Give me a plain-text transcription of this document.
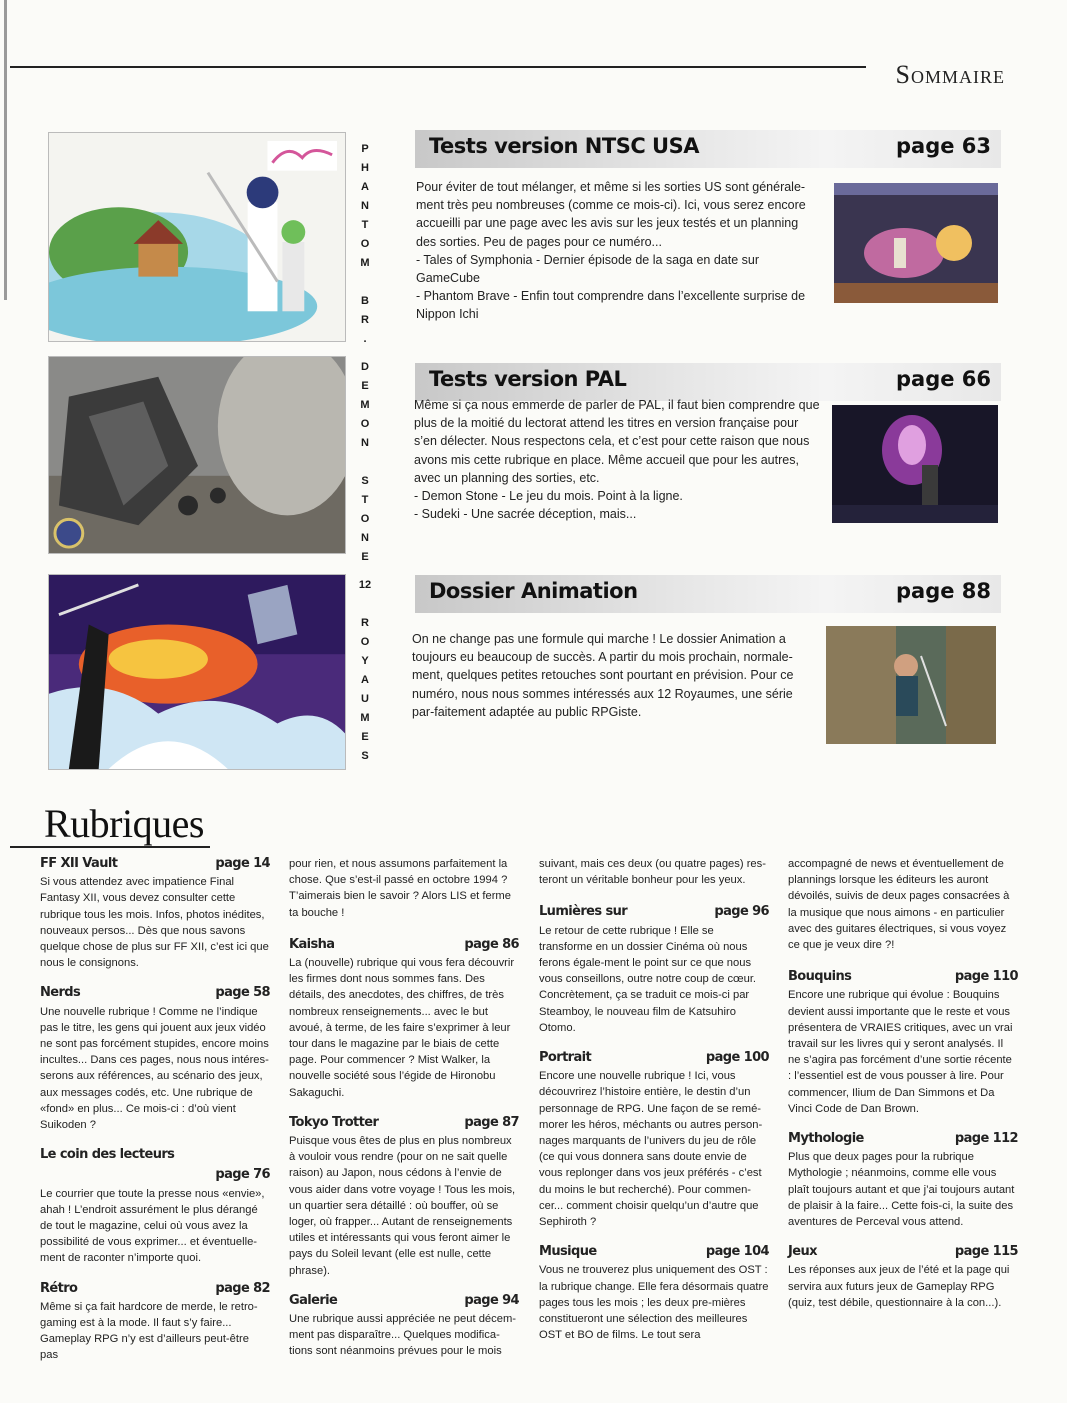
Sommaire
P
H
A
N
T
O
M

B
R
.
D
E
M
O
N

S
T
O
N
E
12

R
O
Y
A
U
M
E
S
Tests version NTSC USA	page 63

Pour éviter de tout mélanger, et même si les sorties US sont générale-ment très peu nombreuses (comme ce mois-ci). Ici, vous serez encore accueilli par une page avec les avis sur les jeux testés et un planning des sorties. Peu de pages pour ce numéro...

- Tales of Symphonia - Dernier épisode de la saga en date sur GameCube

- Phantom Brave - Enfin tout comprendre dans l’excellente surprise de Nippon Ichi

Tests version PAL	page 66

Même si ça nous emmerde de parler de PAL, il faut bien comprendre que plus de la moitié du lectorat attend les titres en version française pour s’en délecter. Nous respectons cela, et c’est pour cette raison que nous avons mis cette rubrique en place. Même accueil que pour les autres, avec un planning des sorties, etc.

- Demon Stone - Le jeu du mois. Point à la ligne.

- Sudeki - Une sacrée déception, mais...

Dossier Animation	page 88

On ne change pas une formule qui marche ! Le dossier Animation a toujours eu beaucoup de succès. A partir du mois prochain, normale-ment, quelques petites retouches sont pourtant en prévision. Pour ce numéro, nous nous sommes intéressés aux 12 Royaumes, une série par-faitement adaptée au public RPGiste.

Rubriques
FF XII Vault	page 14
Si vous attendez avec impatience Final Fantasy XII, vous devez consulter cette rubrique tous les mois. Infos, photos inédites, nouveaux persos... Dès que nous savons quelque chose de plus sur FF XII, c’est ici que nous le consignons.
Nerds	page 58
Une nouvelle rubrique ! Comme ne l’indique pas le titre, les gens qui jouent aux jeux vidéo ne sont pas forcément stupides, encore moins incultes... Dans ces pages, nous nous intéres-serons aux références, au scénario des jeux, aux messages codés, etc. Une rubrique de «fond» en plus... Ce mois-ci : d’où vient Suikoden ?
Le coin des lecteurs
page 76
Le courrier que toute la presse nous «envie», ahah ! L’endroit assurément le plus dérangé de tout le magazine, celui où vous avez la possibilité de vous exprimer... et éventuelle-ment de raconter n’importe quoi.
Rétro	page 82
Même si ça fait hardcore de merde, le retro-gaming est à la mode. Il faut s’y faire... Gameplay RPG n’y est d’ailleurs peut-être pas
pour rien, et nous assumons parfaitement la chose. Que s’est-il passé en octobre 1994 ? T’aimerais bien le savoir ? Alors LIS et ferme ta bouche !
Kaisha	page 86
La (nouvelle) rubrique qui vous fera découvrir les firmes dont nous sommes fans. Des détails, des anecdotes, des chiffres, de très nombreux renseignements... avec le but avoué, à terme, de les faire s’exprimer à leur tour dans le magazine par le biais de cette page. Pour commencer ? Mist Walker, la nouvelle société sous l’égide de Hironobu Sakaguchi.
Tokyo Trotter	page 87
Puisque vous êtes de plus en plus nombreux à vouloir vous rendre (pour on ne sait quelle raison) au Japon, nous cédons à l’envie de vous aider dans votre voyage ! Tous les mois, un quartier sera détaillé : où bouffer, où se loger, où frapper... Autant de renseignements utiles et intéressants qui vous feront aimer le pays du Soleil levant (elle est nulle, cette phrase).
Galerie	page 94
Une rubrique aussi appréciée ne peut décem-ment pas disparaître... Quelques modifica-tions sont néanmoins prévues pour le mois
suivant, mais ces deux (ou quatre pages) res-teront un véritable bonheur pour les yeux.
Lumières sur	page 96
Le retour de cette rubrique ! Elle se transforme en un dossier Cinéma où nous ferons égale-ment le point sur ce que nous vous conseillons, outre notre coup de cœur. Concrètement, ça se traduit ce mois-ci par Steamboy, le nouveau film de Katsuhiro Otomo.
Portrait	page 100
Encore une nouvelle rubrique ! Ici, vous découvrirez l’histoire entière, le destin d’un personnage de RPG. Une façon de se remé-morer les héros, méchants ou autres person-nages marquants de l’univers du jeu de rôle (ce qui vous donnera sans doute envie de vous replonger dans vos jeux préférés - c’est du moins le but recherché). Pour commen-cer... comment choisir quelqu’un d’autre que Sephiroth ?
Musique	page 104
Vous ne trouverez plus uniquement des OST : la rubrique change. Elle fera désormais quatre pages tous les mois ; les deux pre-mières constitueront une sélection des meilleures OST et BO de films. Le tout sera
accompagné de news et éventuellement de plannings lorsque les éditeurs les auront dévoilés, suivis de deux pages consacrées à la musique que nous aimons - en particulier avec des guitares électriques, si vous voyez ce que je veux dire ?!
Bouquins	page 110
Encore une rubrique qui évolue : Bouquins devient aussi importante que le reste et vous présentera de VRAIES critiques, avec un vrai travail sur les livres qui y seront analysés. Il ne s’agira pas forcément d’une sortie récente : l’essentiel est de vous pousser à lire. Pour commencer, Ilium de Dan Simmons et Da Vinci Code de Dan Brown.
Mythologie	page 112
Plus que deux pages pour la rubrique Mythologie ; néanmoins, comme elle vous plaît toujours autant et que j’ai toujours autant de plaisir à la faire... Cette fois-ci, la suite des aventures de Perceval vous attend.
Jeux	page 115
Les réponses aux jeux de l’été et la page qui servira aux futurs jeux de Gameplay RPG (quiz, test débile, questionnaire à la con...).
